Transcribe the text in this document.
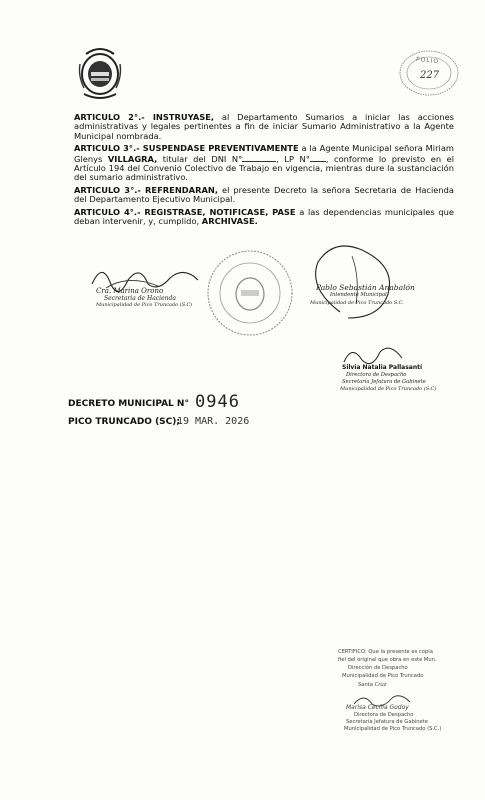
FOLIO
227

ARTICULO 2°.- INSTRUYASE, al Departamento Sumarios a iniciar las acciones administrativas y legales pertinentes a fin de iniciar Sumario Administrativo a la Agente Municipal nombrada.

ARTICULO 3°.- SUSPENDASE PREVENTIVAMENTE a la Agente Municipal señora Miriam Glenys VILLAGRA, titular del DNI N°	, LP N° , conforme lo previsto en el Artículo 194 del Convenio Colectivo de Trabajo en vigencia, mientras dure la sustanciación del sumario administrativo.

ARTICULO 3°.- REFRENDARAN, el presente Decreto la señora Secretaria de Hacienda del Departamento Ejecutivo Municipal.

ARTICULO 4°.- REGISTRASE, NOTIFICASE, PASE a las dependencias municipales que deban intervenir, y, cumplido, ARCHIVASE.

Cra. Marina Orono
Secretaria de Hacienda
Municipalidad de Pico Truncado (S.C)
Pablo Sebastián Anabalón
Intendente Municipal
Municipalidad de Pico Truncado S.C.
Silvia Natalia Pallasantí
Directora de Despacho
Secretaría Jefatura de Gabinete
Municipalidad de Pico Truncado (S.C)
DECRETO MUNICIPAL N° 0946
PICO TRUNCADO (SC);
19 MAR. 2026
CERTIFICO: Que la presente es copia
fiel del original que obra en este Mun.
Dirección de Despacho
Municipalidad de Pico Truncado
Santa Cruz
Marisa Cecilia Godoy
Directora de Despacho
Secretaría Jefatura de Gabinete
Municipalidad de Pico Truncado (S.C.)
